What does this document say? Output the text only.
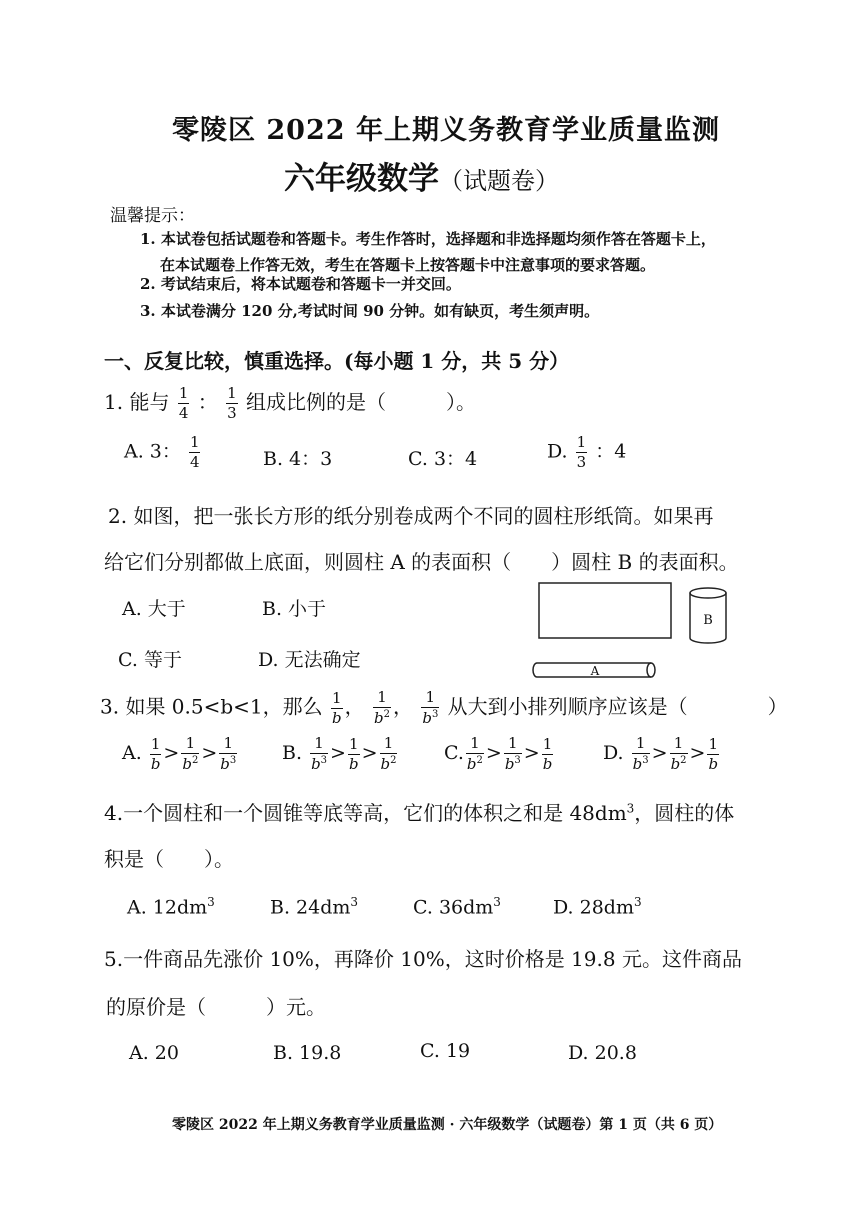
零陵区 2022 年上期义务教育学业质量监测
六年级数学（试题卷）
温馨提示：
1. 本试卷包括试题卷和答题卡。考生作答时，选择题和非选择题均须作答在答题卡上，
在本试题卷上作答无效，考生在答题卡上按答题卡中注意事项的要求答题。
2. 考试结束后，将本试题卷和答题卡一并交回。
3. 本试卷满分 120 分,考试时间 90 分钟。如有缺页，考生须声明。
一、反复比较，慎重选择。(每小题 1 分，共 5 分）
1. 能与 $\frac{1}{4}$ ： $\frac{1}{3}$ 组成比例的是（　　　）。
A. 3： $\frac{1}{4}$	B. 4：3	C. 3：4	D. $\frac{1}{3}$ ：4
2. 如图，把一张长方形的纸分别卷成两个不同的圆柱形纸筒。如果再
给它们分别都做上底面，则圆柱 A 的表面积（　　）圆柱 B 的表面积。
A. 大于	B. 小于
C. 等于	D. 无法确定
B
A
3. 如果 0.5<b<1，那么 $\frac{1}{b}$ ， $\frac{1}{b^2}$ ， $\frac{1}{b^3}$ 从大到小排列顺序应该是（　　　　）
A. $\frac{1}{b} > \frac{1}{b^2} > \frac{1}{b^3} B$. $\frac{1}{b^3} > \frac{1}{b} > \frac{1}{b^2} C$. $\frac{1}{b^2} > \frac{1}{b^3} > \frac{1}{b}$	D. $\frac{1}{b^3} > \frac{1}{b^2} > \frac{1}{b}$
4.一个圆柱和一个圆锥等底等高，它们的体积之和是 $48dm^3$，圆柱的体
积是（　　）。
A. $12dm^3$	B. $24dm^3$	C. $36dm^3$	D. $28dm^3$
5.一件商品先涨价 10%，再降价 10%，这时价格是 19.8 元。这件商品
的原价是（　　　）元。
A. 20	B. 19.8	C. 19	D. 20.8
零陵区 2022 年上期义务教育学业质量监测 · 六年级数学（试题卷）第 1 页（共 6 页）
